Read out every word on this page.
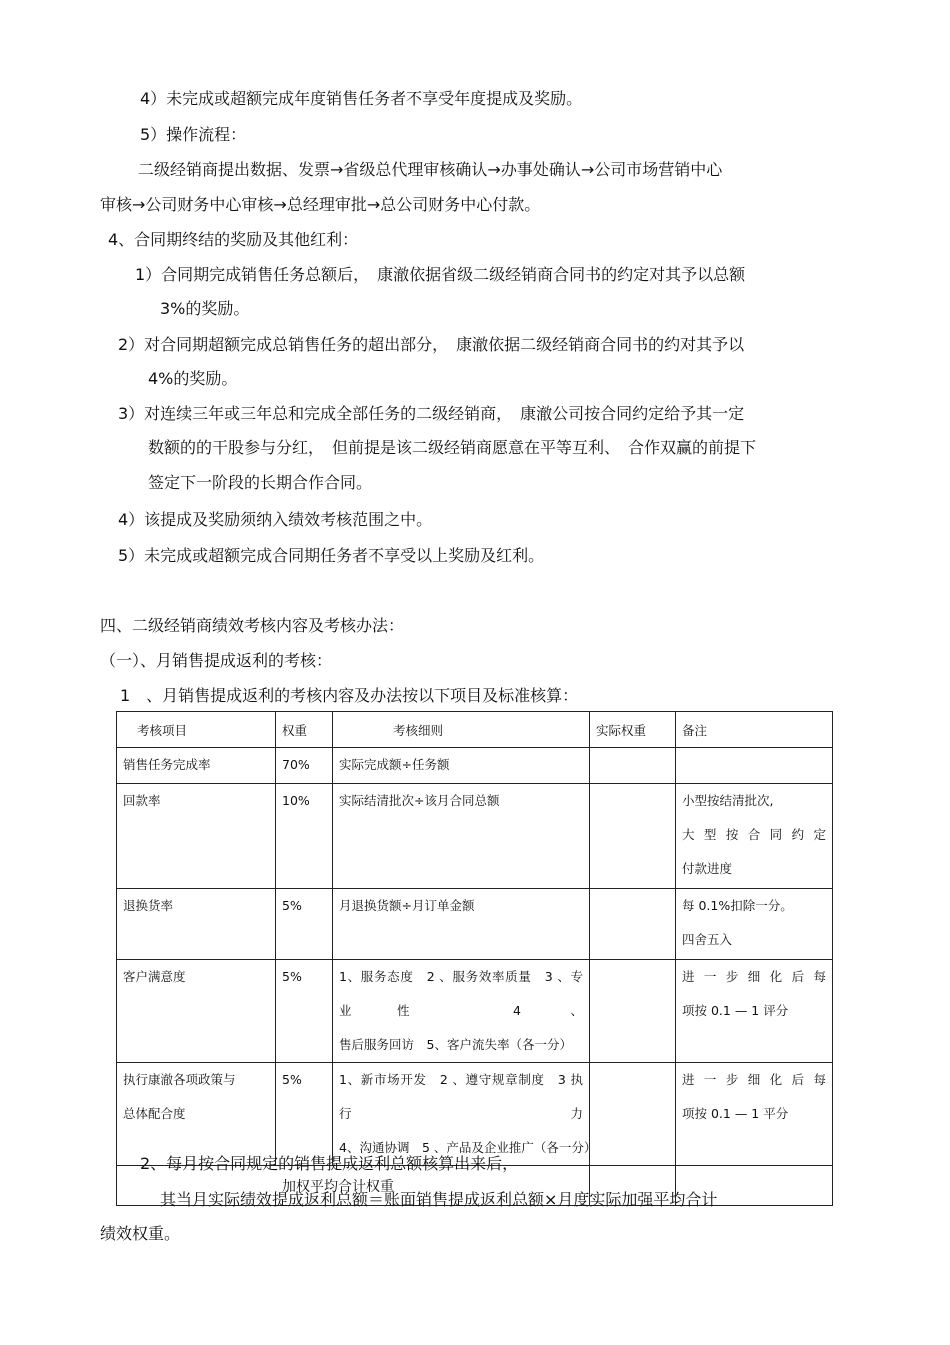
4）未完成或超额完成年度销售任务者不享受年度提成及奖励。
5）操作流程：
二级经销商提出数据、发票→省级总代理审核确认→办事处确认→公司市场营销中心
审核→公司财务中心审核→总经理审批→总公司财务中心付款。
4、合同期终结的奖励及其他红利：
1）合同期完成销售任务总额后，　康澈依据省级二级经销商合同书的约定对其予以总额
3%的奖励。
2）对合同期超额完成总销售任务的超出部分，　康澈依据二级经销商合同书的约对其予以
4%的奖励。
3）对连续三年或三年总和完成全部任务的二级经销商，　康澈公司按合同约定给予其一定
数额的的干股参与分红，　但前提是该二级经销商愿意在平等互利、　合作双赢的前提下
签定下一阶段的长期合作合同。
4）该提成及奖励须纳入绩效考核范围之中。
5）未完成或超额完成合同期任务者不享受以上奖励及红利。
四、二级经销商绩效考核内容及考核办法：
（一）、月销售提成返利的考核：
1　、月销售提成返利的考核内容及办法按以下项目及标准核算：
考核项目	权重	考核细则	实际权重	备注

销售任务完成率	70%	实际完成额÷任务额		

回款率	10%	实际结清批次÷该月合同总额		小型按结清批次,
大型按合同约定
付款进度

退换货率	5%	月退换货额÷月订单金额		每 0.1%扣除一分。
四舍五入

客户满意度	5%	1、服务态度　2 、服务效率质量　3 、专业性　4 、
售后服务回访　5、客户流失率（各一分）		进一步细化后每
项按 0.1 — 1 评分

执行康澈各项政策与
总体配合度	5%	1、新市场开发　2 、遵守规章制度　3 执行力
4、沟通协调　5 、产品及企业推广（各一分）		进一步细化后每
项按 0.1 — 1 平分

加权平均合计权重				
2、每月按合同规定的销售提成返利总额核算出来后，
其当月实际绩效提成返利总额＝账面销售提成返利总额×月度实际加强平均合计
绩效权重。
